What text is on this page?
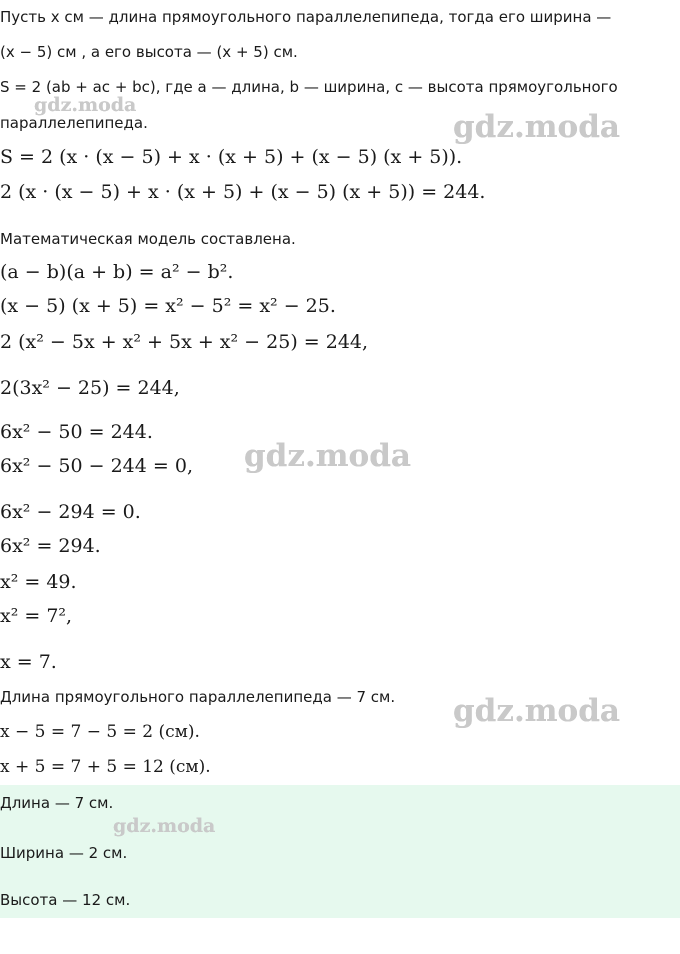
Пусть x см — длина прямоугольного параллелепипеда, тогда его ширина —
(x − 5) см , а его высота — (x + 5) см.
S = 2 (ab + ac + bc), где a — длина, b — ширина, c — высота прямоугольного
параллелепипеда.
S = 2 (x · (x − 5) + x · (x + 5) + (x − 5) (x + 5)).
2 (x · (x − 5) + x · (x + 5) + (x − 5) (x + 5)) = 244.
Математическая модель составлена.
(a − b)(a + b) = a² − b².
(x − 5) (x + 5) = x² − 5² = x² − 25.
2 (x² − 5x + x² + 5x + x² − 25) = 244,
2(3x² − 25) = 244,
6x² − 50 = 244.
6x² − 50 − 244 = 0,
6x² − 294 = 0.
6x² = 294.
x² = 49.
x² = 7²,
x = 7.
Длина прямоугольного параллелепипеда — 7 см.
x − 5 = 7 − 5 = 2 (см).
x + 5 = 7 + 5 = 12 (см).
Длина — 7 см.
Ширина — 2 см.
Высота — 12 см.
gdz.moda
gdz.moda
gdz.moda
gdz.moda
gdz.moda
